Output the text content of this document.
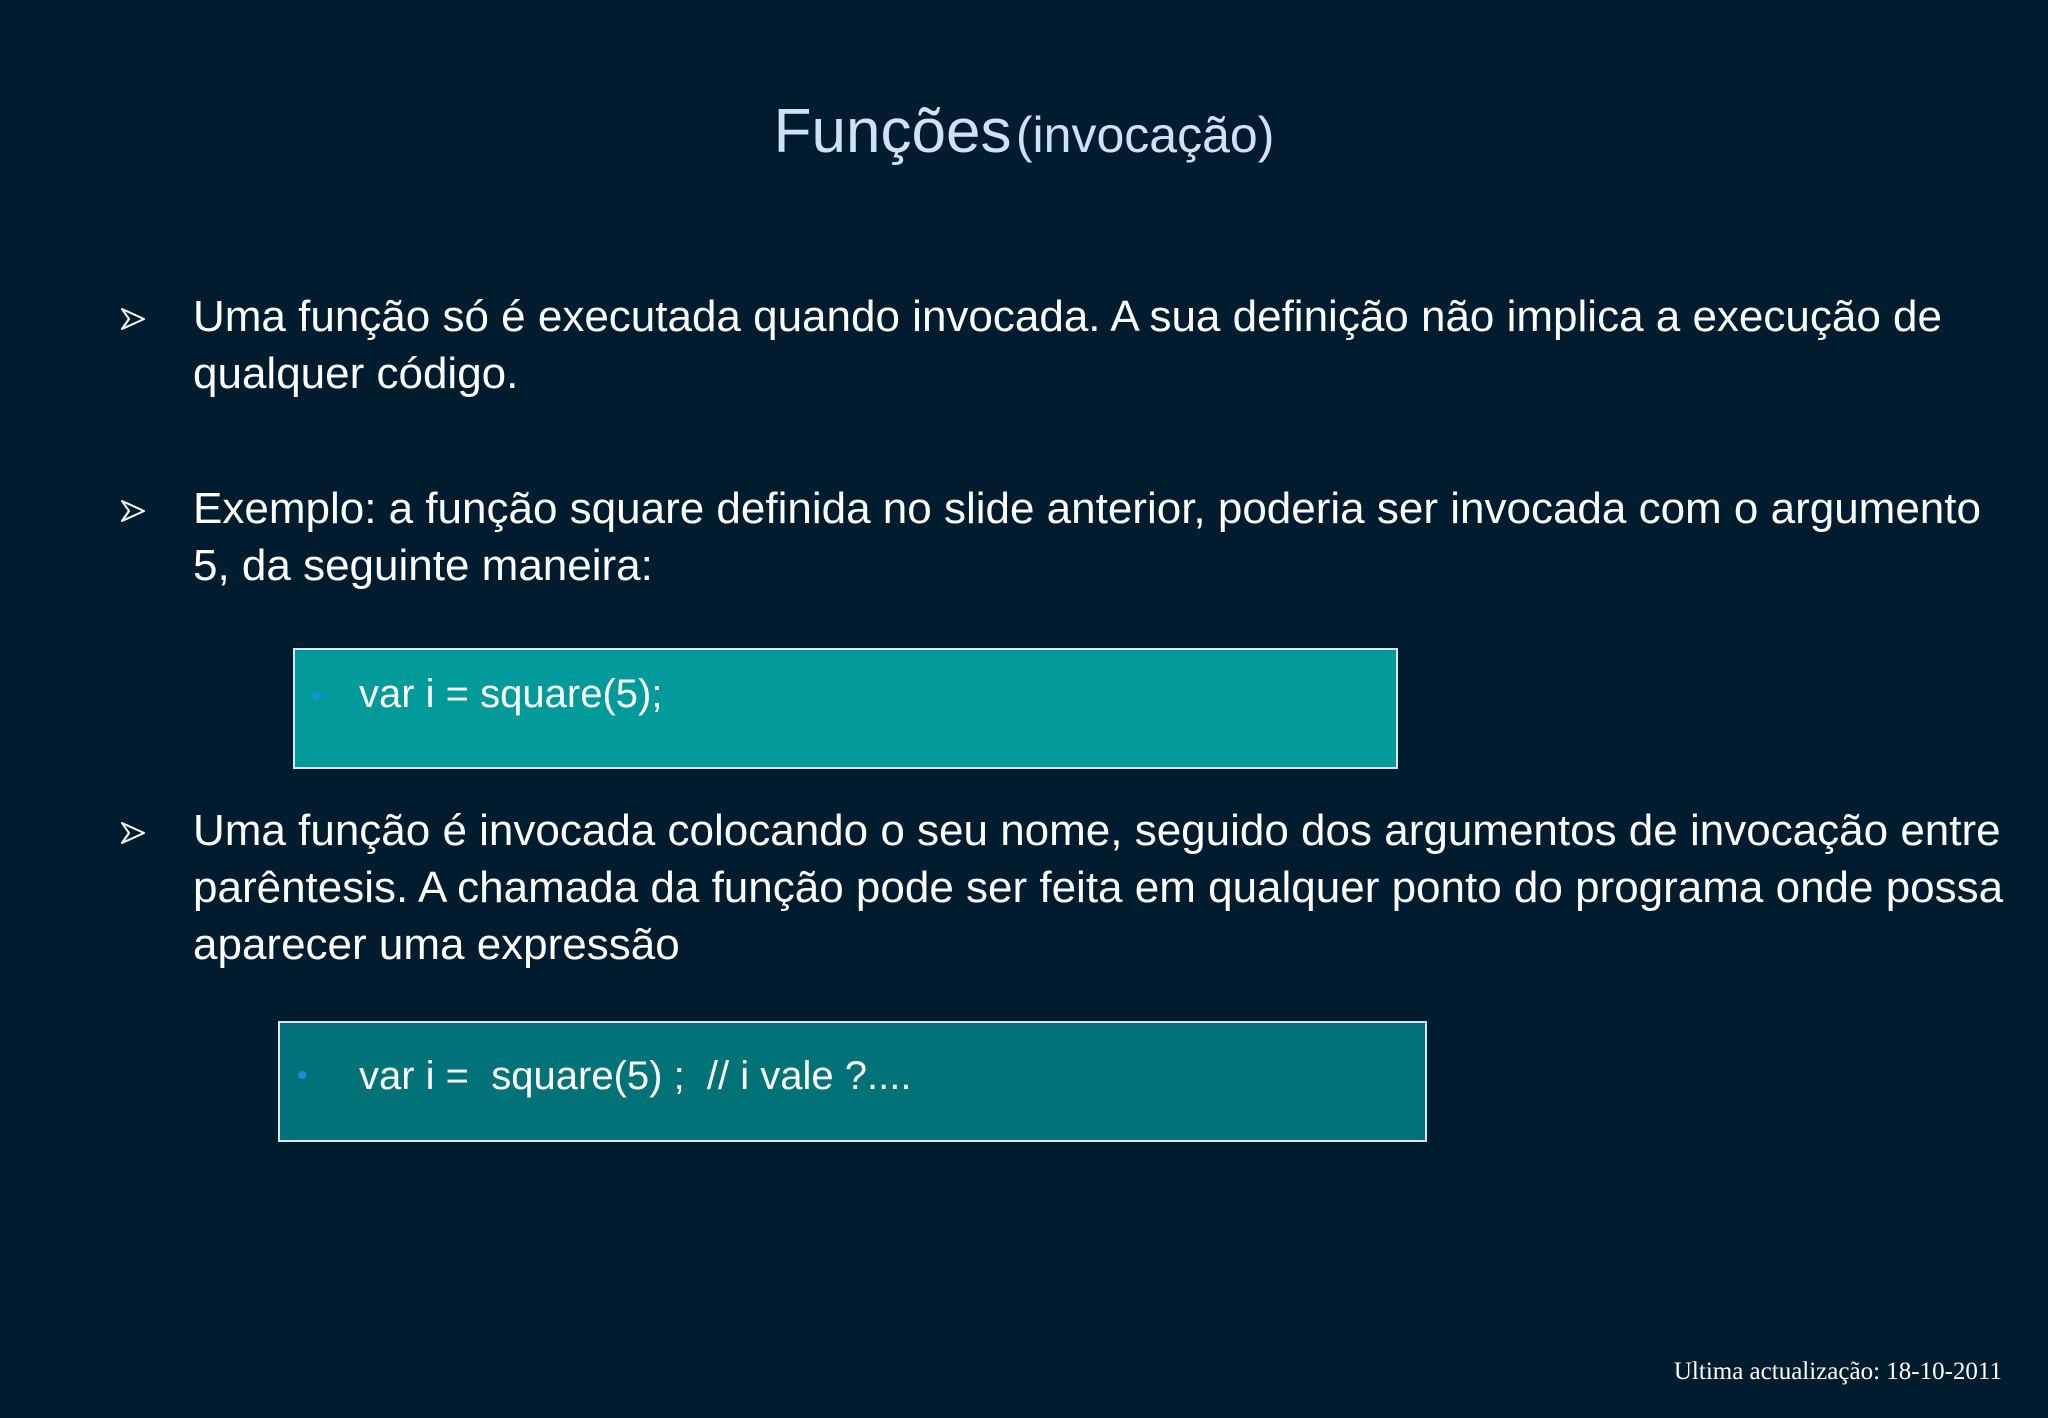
Funções (invocação)
Uma função só é executada quando invocada. A sua definição não implica a execução de qualquer código.
Exemplo: a função square definida no slide anterior, poderia ser invocada com o argumento 5, da seguinte maneira:
• var i = square(5);
Uma função é invocada colocando o seu nome, seguido dos argumentos de invocação entre parêntesis. A chamada da função pode ser feita em qualquer ponto do programa onde possa aparecer uma expressão
• var i =  square(5) ;  // i vale ?....
Ultima actualização: 18-10-2011
